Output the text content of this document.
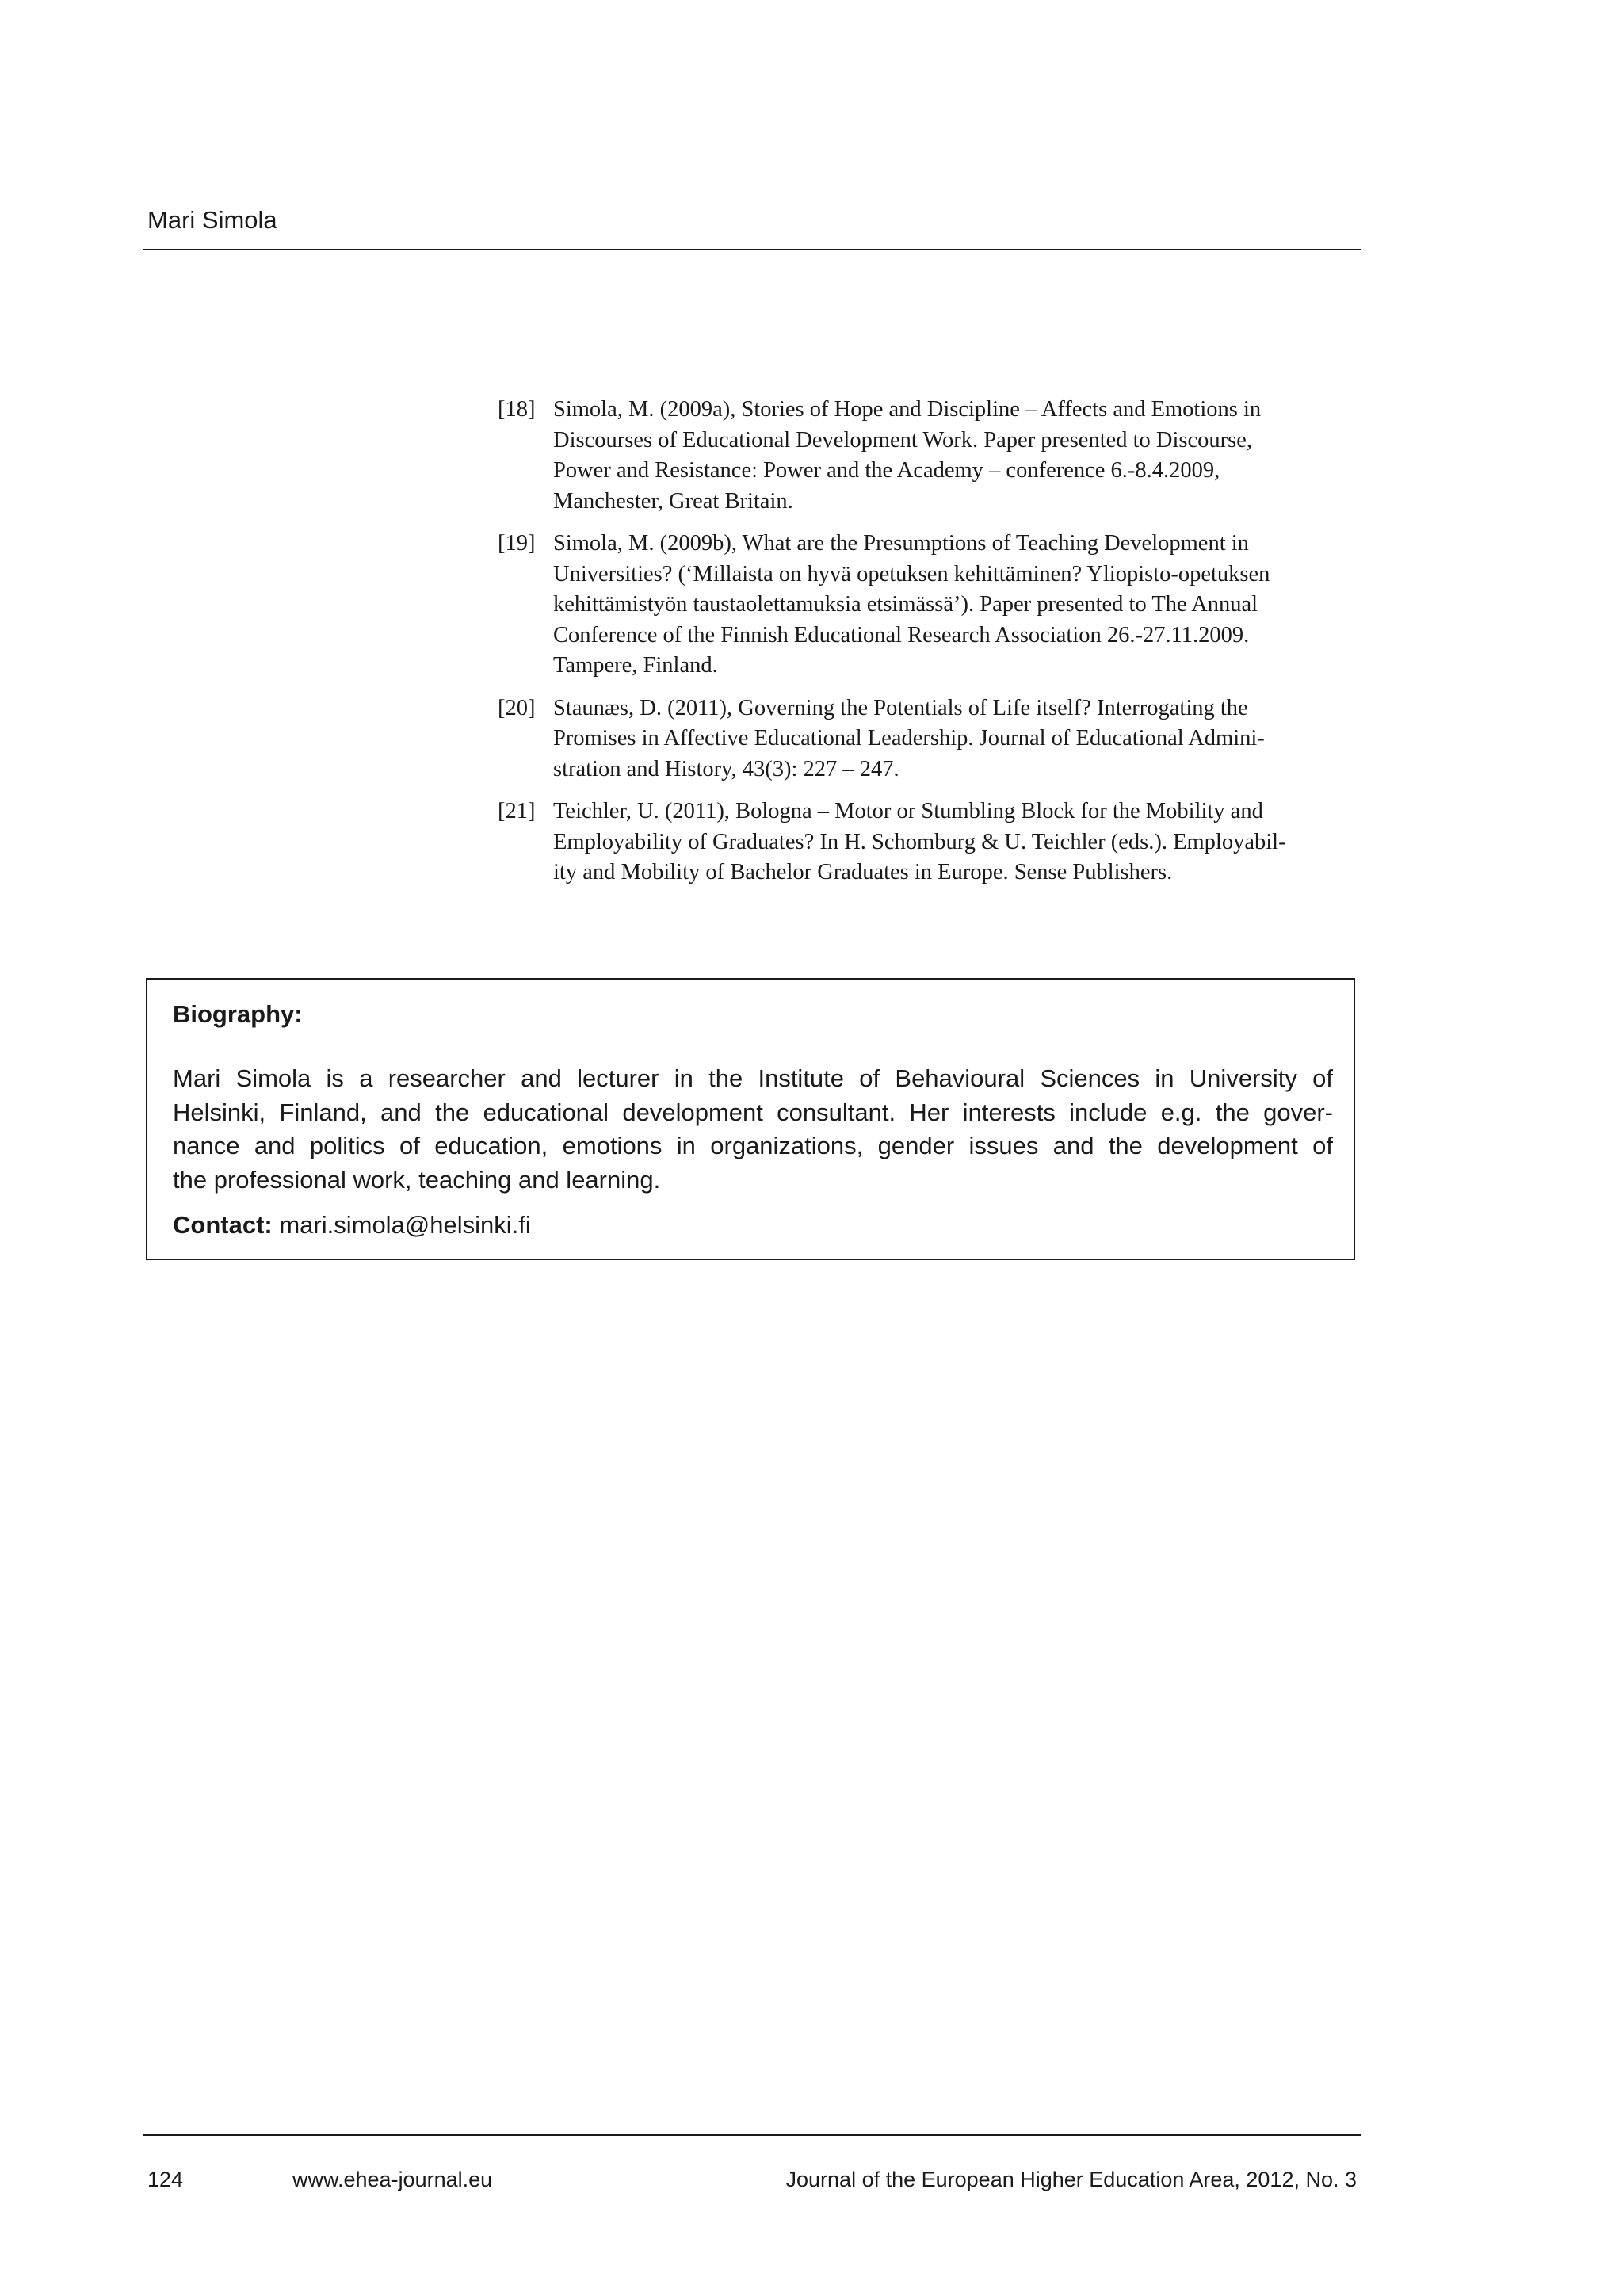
Mari Simola
[18] Simola, M. (2009a), Stories of Hope and Discipline – Affects and Emotions in
Discourses of Educational Development Work. Paper presented to Discourse,
Power and Resistance: Power and the Academy – conference 6.-8.4.2009,
Manchester, Great Britain.
[19] Simola, M. (2009b), What are the Presumptions of Teaching Development in
Universities? (‘Millaista on hyvä opetuksen kehittäminen? Yliopisto-opetuksen
kehittämistyön taustaolettamuksia etsimässä’). Paper presented to The Annual
Conference of the Finnish Educational Research Association 26.-27.11.2009.
Tampere, Finland.
[20] Staunæs, D. (2011), Governing the Potentials of Life itself? Interrogating the
Promises in Affective Educational Leadership. Journal of Educational Admini-
stration and History, 43(3): 227 – 247.
[21] Teichler, U. (2011), Bologna – Motor or Stumbling Block for the Mobility and
Employability of Graduates? In H. Schomburg & U. Teichler (eds.). Employabil-
ity and Mobility of Bachelor Graduates in Europe. Sense Publishers.
Biography:
Mari Simola is a researcher and lecturer in the Institute of Behavioural Sciences in University of
Helsinki, Finland, and the educational development consultant. Her interests include e.g. the gover-
nance and politics of education, emotions in organizations, gender issues and the development of
the professional work, teaching and learning.
Contact: mari.simola@helsinki.fi
124	www.ehea-journal.eu	Journal of the European Higher Education Area, 2012, No. 3
